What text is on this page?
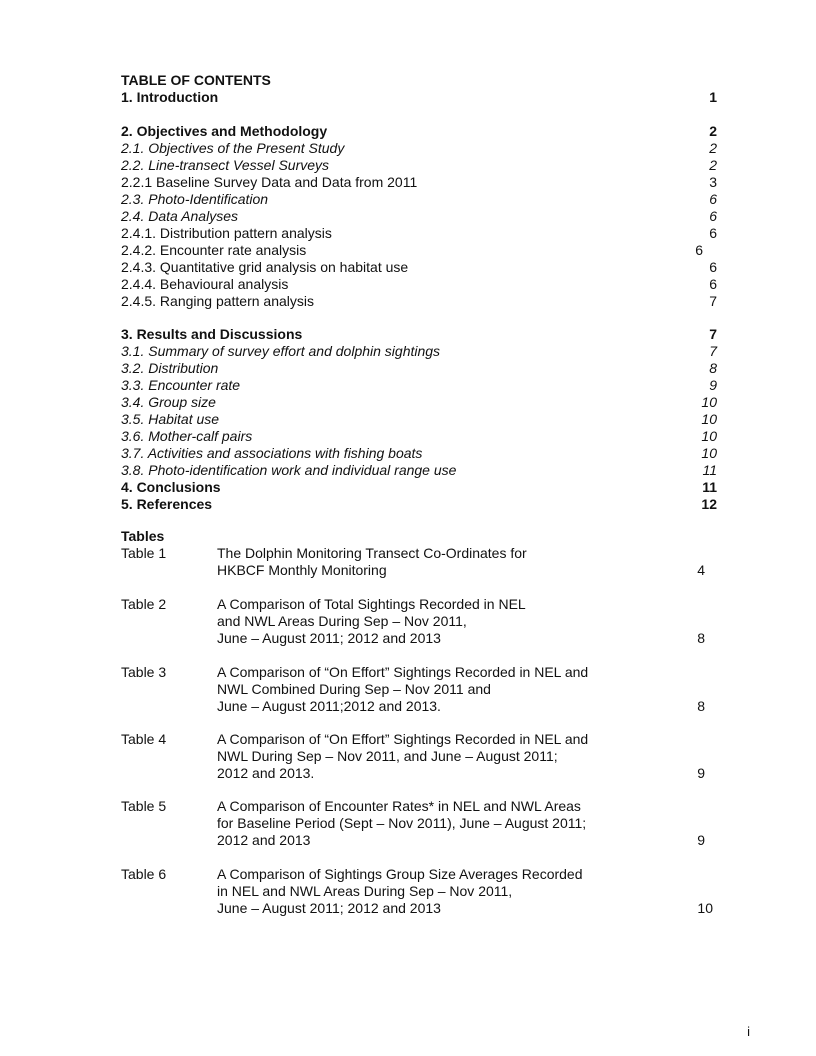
TABLE OF CONTENTS
1. Introduction	1
2. Objectives and Methodology	2
2.1. Objectives of the Present Study	2
2.2. Line-transect Vessel Surveys	2
2.2.1 Baseline Survey Data and Data from 2011	3
2.3. Photo-Identification	6
2.4. Data Analyses	6
2.4.1. Distribution pattern analysis	6
2.4.2. Encounter rate analysis	6
2.4.3. Quantitative grid analysis on habitat use	6
2.4.4. Behavioural analysis	6
2.4.5. Ranging pattern analysis	7
3. Results and Discussions	7
3.1. Summary of survey effort and dolphin sightings	7
3.2. Distribution	8
3.3. Encounter rate	9
3.4. Group size	10
3.5. Habitat use	10
3.6. Mother-calf pairs	10
3.7. Activities and associations with fishing boats	10
3.8. Photo-identification work and individual range use	11
4. Conclusions	11
5. References	12
Tables
Table 1	The Dolphin Monitoring Transect Co-Ordinates for
HKBCF Monthly Monitoring	4
Table 2	A Comparison of Total Sightings Recorded in NEL
and NWL Areas During Sep – Nov 2011,
June – August 2011; 2012 and 2013	8
Table 3	A Comparison of “On Effort” Sightings Recorded in NEL and
NWL Combined During Sep – Nov 2011 and
June – August 2011;2012 and 2013.	8
Table 4	A Comparison of “On Effort” Sightings Recorded in NEL and
NWL During Sep – Nov 2011, and June – August 2011;
2012 and 2013.	9
Table 5	A Comparison of Encounter Rates* in NEL and NWL Areas
for Baseline Period (Sept – Nov 2011), June – August 2011;
2012 and 2013	9
Table 6	A Comparison of Sightings Group Size Averages Recorded
in NEL and NWL Areas During Sep – Nov 2011,
June – August 2011; 2012 and 2013	10
i
